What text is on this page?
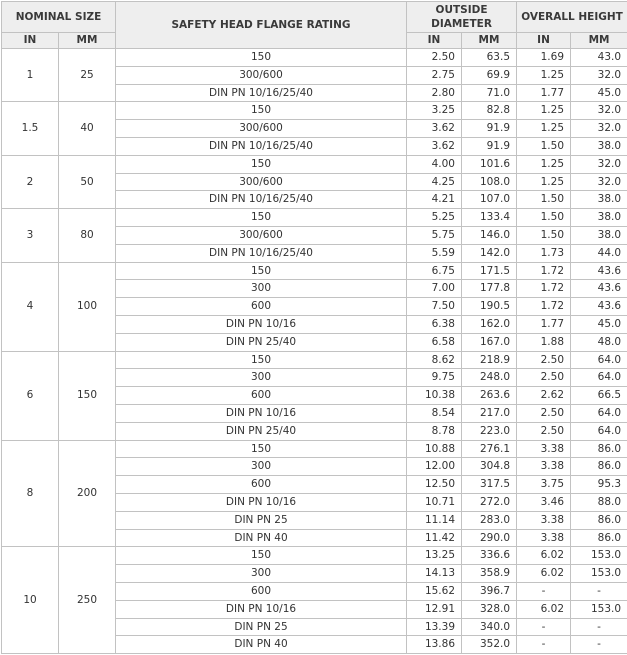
NOMINAL SIZE		SAFETY HEAD FLANGE RATING	OUTSIDE DIAMETER		OVERALL HEIGHT	
IN	MM		IN	MM	IN	MM
1	25	150	2.50	63.5	1.69	43.0
		300/600	2.75	69.9	1.25	32.0
		DIN PN 10/16/25/40	2.80	71.0	1.77	45.0
1.5	40	150	3.25	82.8	1.25	32.0
		300/600	3.62	91.9	1.25	32.0
		DIN PN 10/16/25/40	3.62	91.9	1.50	38.0
2	50	150	4.00	101.6	1.25	32.0
		300/600	4.25	108.0	1.25	32.0
		DIN PN 10/16/25/40	4.21	107.0	1.50	38.0
3	80	150	5.25	133.4	1.50	38.0
		300/600	5.75	146.0	1.50	38.0
		DIN PN 10/16/25/40	5.59	142.0	1.73	44.0
4	100	150	6.75	171.5	1.72	43.6
		300	7.00	177.8	1.72	43.6
		600	7.50	190.5	1.72	43.6
		DIN PN 10/16	6.38	162.0	1.77	45.0
		DIN PN 25/40	6.58	167.0	1.88	48.0
6	150	150	8.62	218.9	2.50	64.0
		300	9.75	248.0	2.50	64.0
		600	10.38	263.6	2.62	66.5
		DIN PN 10/16	8.54	217.0	2.50	64.0
		DIN PN 25/40	8.78	223.0	2.50	64.0
8	200	150	10.88	276.1	3.38	86.0
		300	12.00	304.8	3.38	86.0
		600	12.50	317.5	3.75	95.3
		DIN PN 10/16	10.71	272.0	3.46	88.0
		DIN PN 25	11.14	283.0	3.38	86.0
		DIN PN 40	11.42	290.0	3.38	86.0
10	250	150	13.25	336.6	6.02	153.0
		300	14.13	358.9	6.02	153.0
		600	15.62	396.7	-	-
		DIN PN 10/16	12.91	328.0	6.02	153.0
		DIN PN 25	13.39	340.0	-	-
		DIN PN 40	13.86	352.0	-	-
